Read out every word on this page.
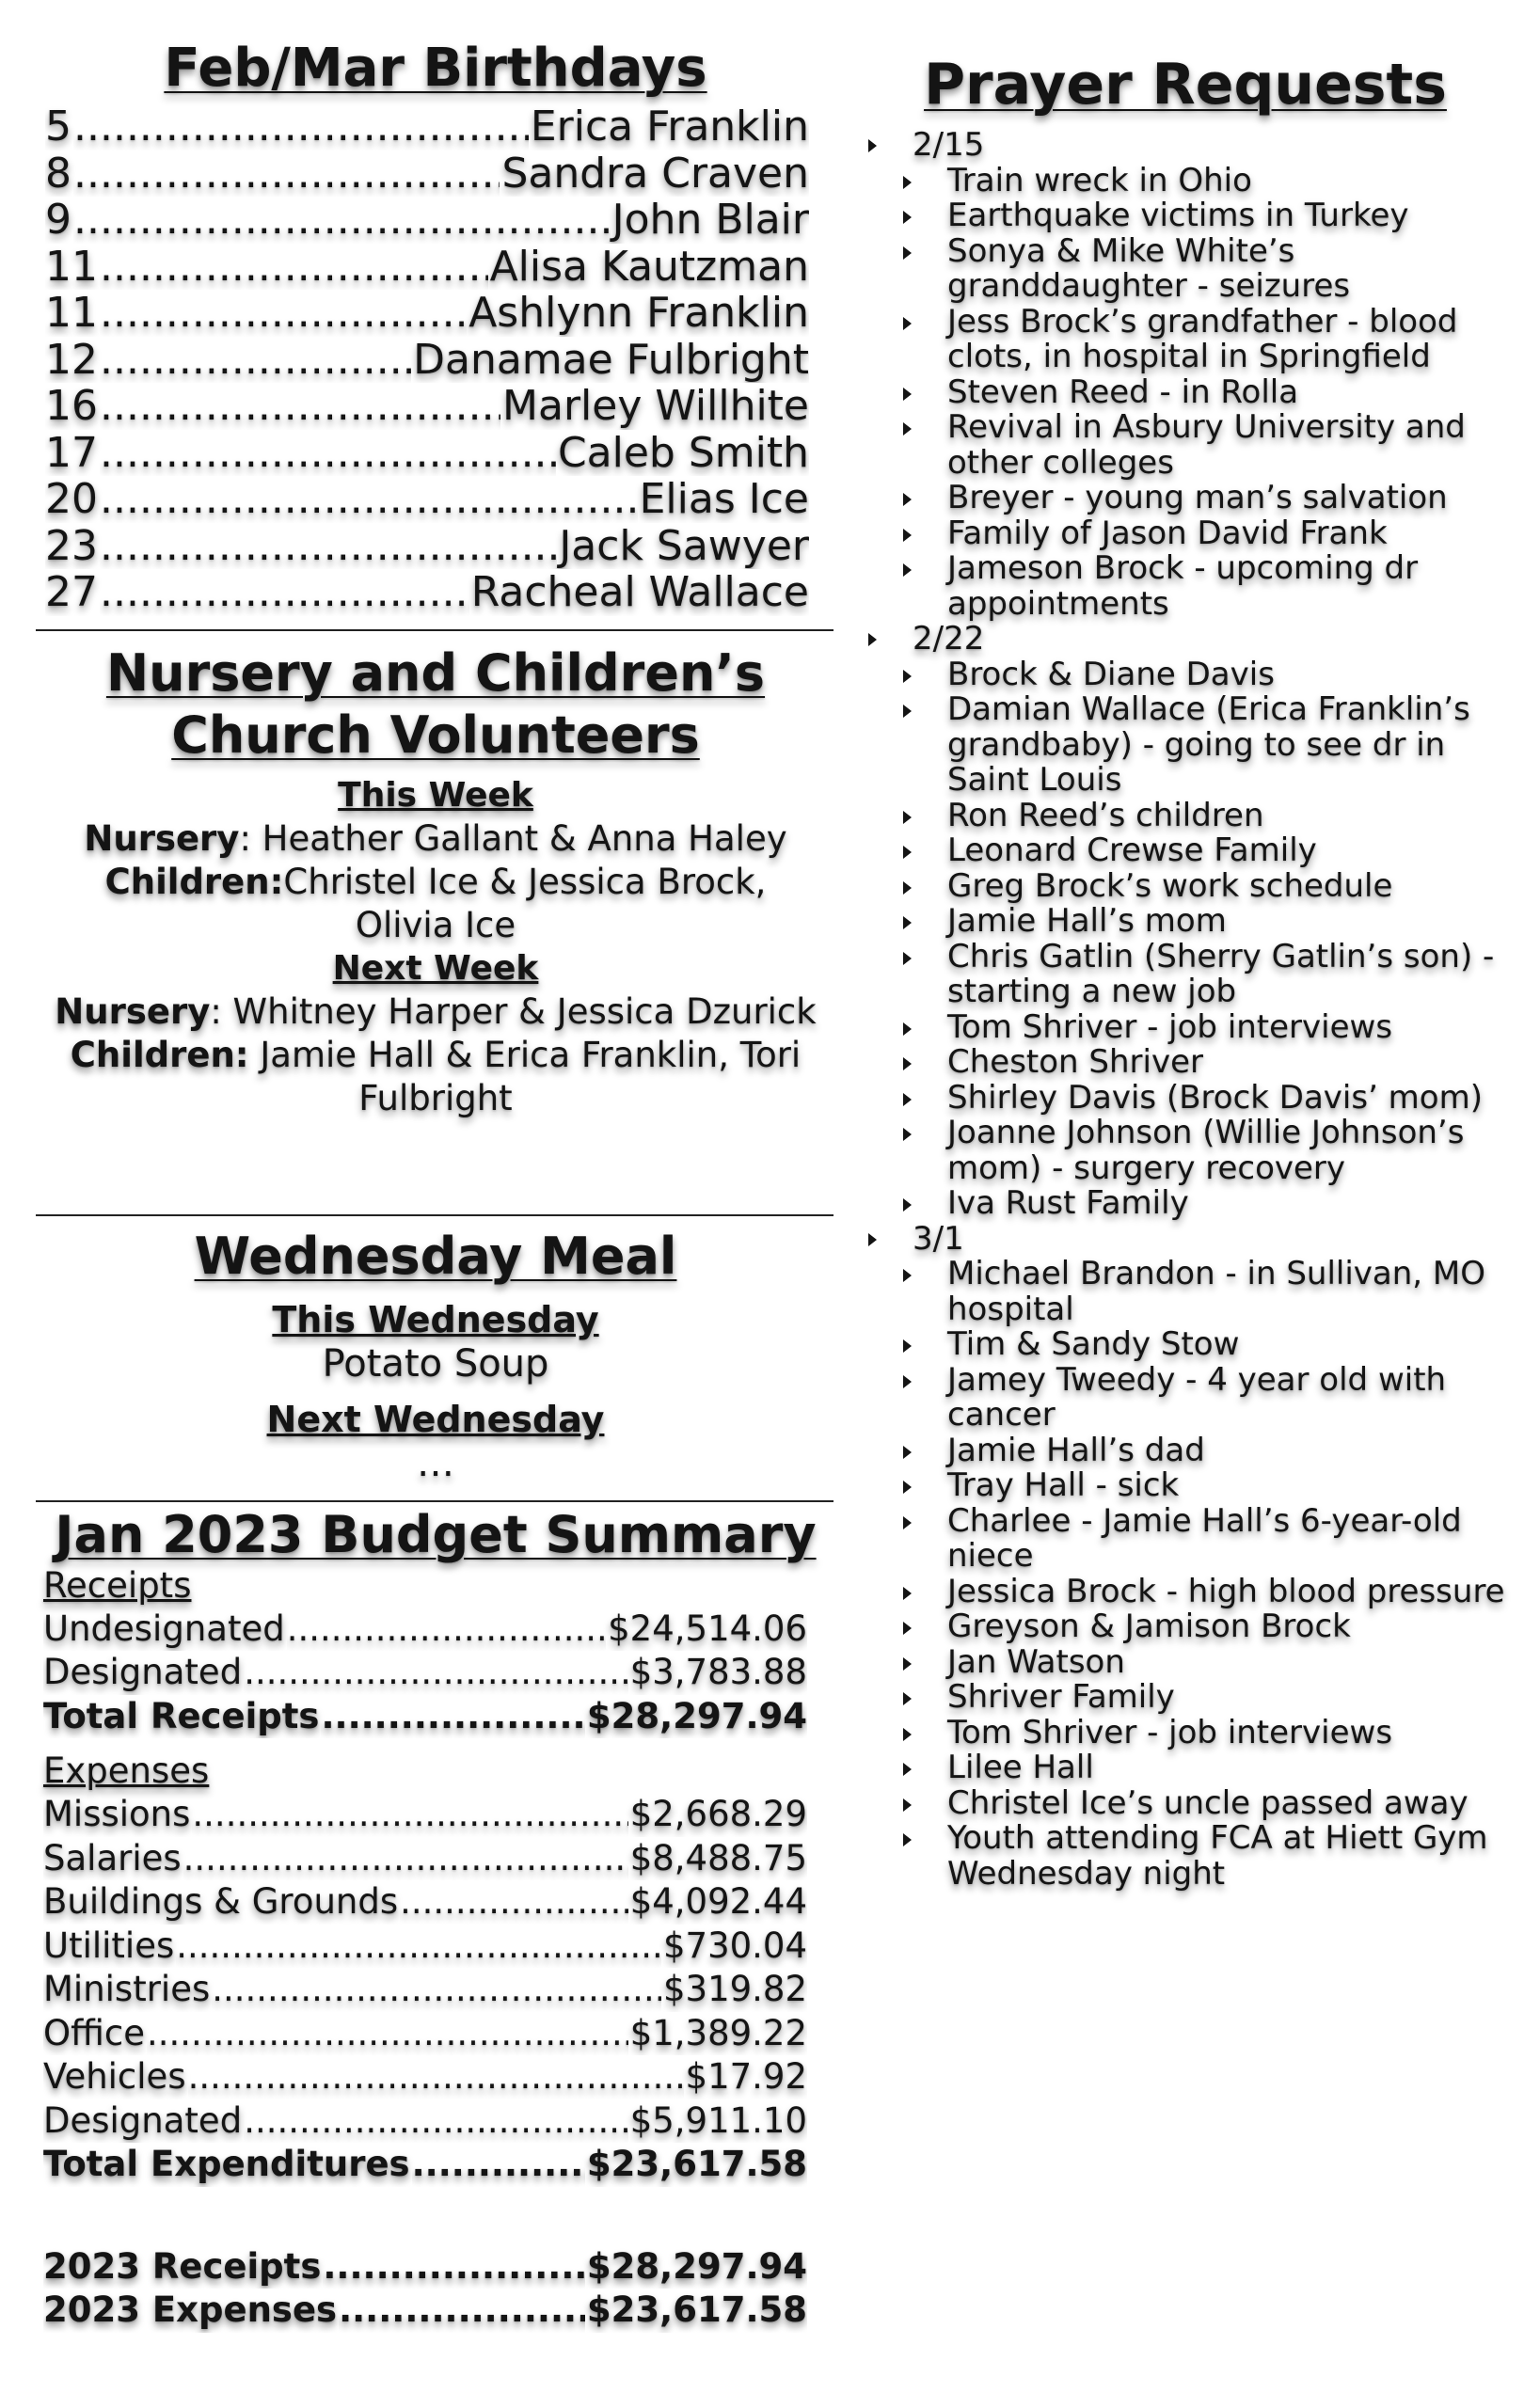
Feb/Mar Birthdays
5 .....	Erica Franklin
8 .....	Sandra Craven
9 .....	John Blair
11 .....	Alisa Kautzman
11 .....	Ashlynn Franklin
12 .....	Danamae Fulbright
16 .....	Marley Willhite
17 .....	Caleb Smith
20 .....	Elias Ice
23 .....	Jack Sawyer
27 .....	Racheal Wallace
Nursery and Children’s Church Volunteers
This Week
Nursery: Heather Gallant & Anna Haley
Children:Christel Ice & Jessica Brock, Olivia Ice
Next Week
Nursery: Whitney Harper & Jessica Dzurick
Children: Jamie Hall & Erica Franklin, Tori Fulbright
Wednesday Meal
This Wednesday
Potato Soup
Next Wednesday
…
Jan 2023 Budget Summary
Receipts
Undesignated .....	$24,514.06
Designated .....	$3,783.88
Total Receipts .....	$28,297.94
Expenses
Missions .....	$2,668.29
Salaries .....	$8,488.75
Buildings & Grounds .....	$4,092.44
Utilities .....	$730.04
Ministries .....	$319.82
Office .....	$1,389.22
Vehicles .....	$17.92
Designated .....	$5,911.10
Total Expenditures .....	$23,617.58
2023 Receipts .....	$28,297.94
2023 Expenses .....	$23,617.58
Prayer Requests
2/15
Train wreck in Ohio
Earthquake victims in Turkey
Sonya & Mike White’s granddaughter - seizures
Jess Brock’s grandfather - blood clots, in hospital in Springfield
Steven Reed - in Rolla
Revival in Asbury University and other colleges
Breyer - young man’s salvation
Family of Jason David Frank
Jameson Brock - upcoming dr appointments
2/22
Brock & Diane Davis
Damian Wallace (Erica Franklin’s grandbaby) - going to see dr in Saint Louis
Ron Reed’s children
Leonard Crewse Family
Greg Brock’s work schedule
Jamie Hall’s mom
Chris Gatlin (Sherry Gatlin’s son) - starting a new job
Tom Shriver - job interviews
Cheston Shriver
Shirley Davis (Brock Davis’ mom)
Joanne Johnson (Willie Johnson’s mom) - surgery recovery
Iva Rust Family
3/1
Michael Brandon - in Sullivan, MO hospital
Tim & Sandy Stow
Jamey Tweedy - 4 year old with cancer
Jamie Hall’s dad
Tray Hall - sick
Charlee - Jamie Hall’s 6-year-old niece
Jessica Brock - high blood pressure
Greyson & Jamison Brock
Jan Watson
Shriver Family
Tom Shriver - job interviews
Lilee Hall
Christel Ice’s uncle passed away
Youth attending FCA at Hiett Gym Wednesday night
